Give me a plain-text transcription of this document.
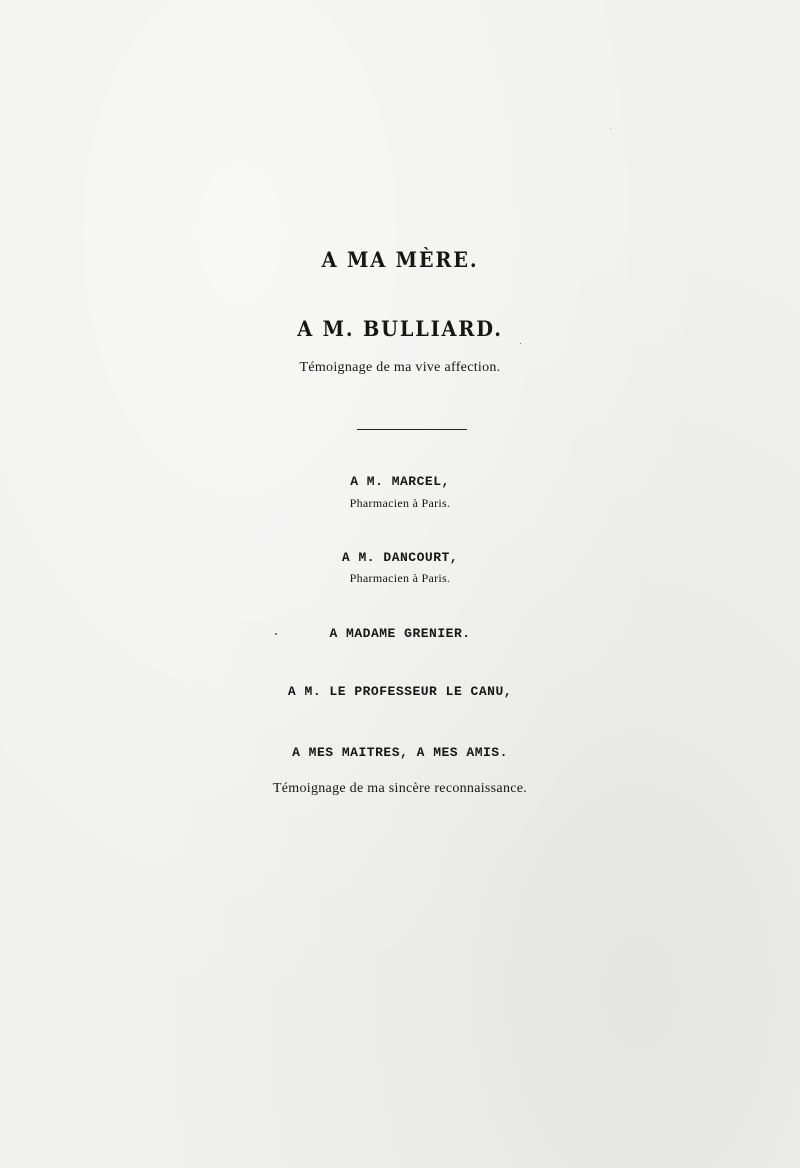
A MA MÈRE.
A M. BULLIARD.
Témoignage de ma vive affection.
A M. MARCEL,
Pharmacien à Paris.
A M. DANCOURT,
Pharmacien à Paris.
A MADAME GRENIER.
A M. LE PROFESSEUR LE CANU,
A MES MAITRES, A MES AMIS.
Témoignage de ma sincère reconnaissance.
